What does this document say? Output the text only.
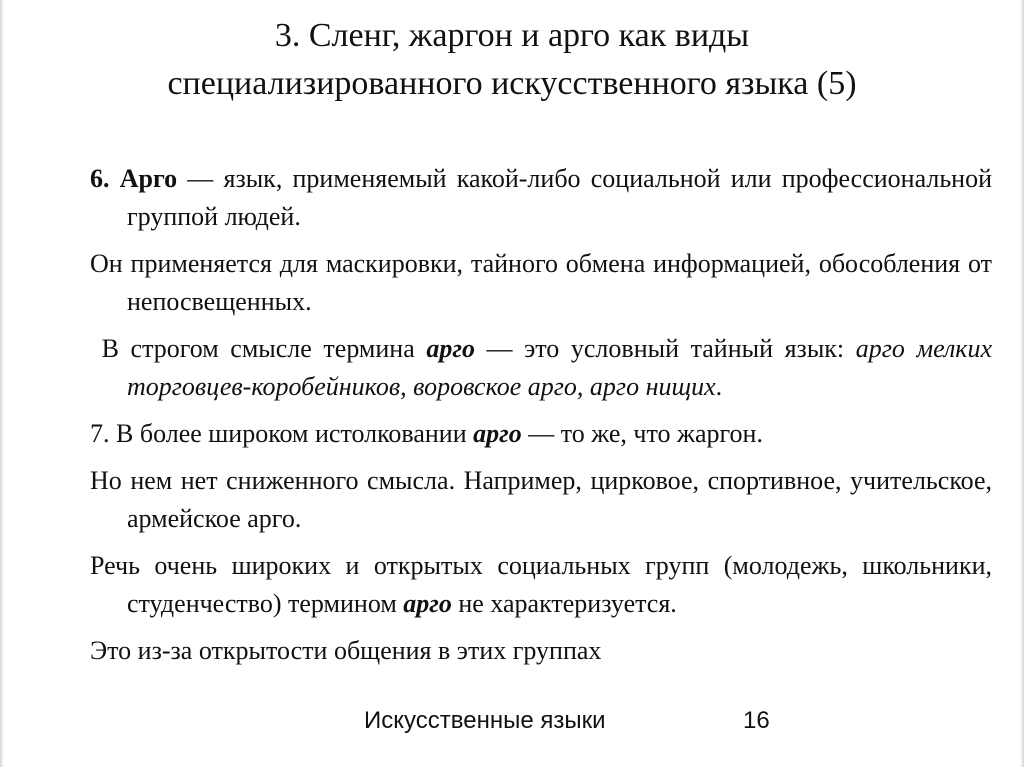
3. Сленг, жаргон и арго как виды
специализированного искусственного языка (5)

6. Арго — язык, применяемый какой-либо социальной или профессиональной группой людей.

Он применяется для маскировки, тайного обмена информацией, обособления от непосвещенных.

В строгом смысле термина арго — это условный тайный язык: арго мелких торговцев-коробейников, воровское арго, арго нищих.

7. В более широком истолковании арго — то же, что жаргон.

Но нем нет сниженного смысла. Например, цирковое, спортивное, учительское, армейское арго.

Речь очень широких и открытых социальных групп (молодежь, школьники, студенчество) термином арго не характеризуется.

Это из-за открытости общения в этих группах

Искусственные языки	16
